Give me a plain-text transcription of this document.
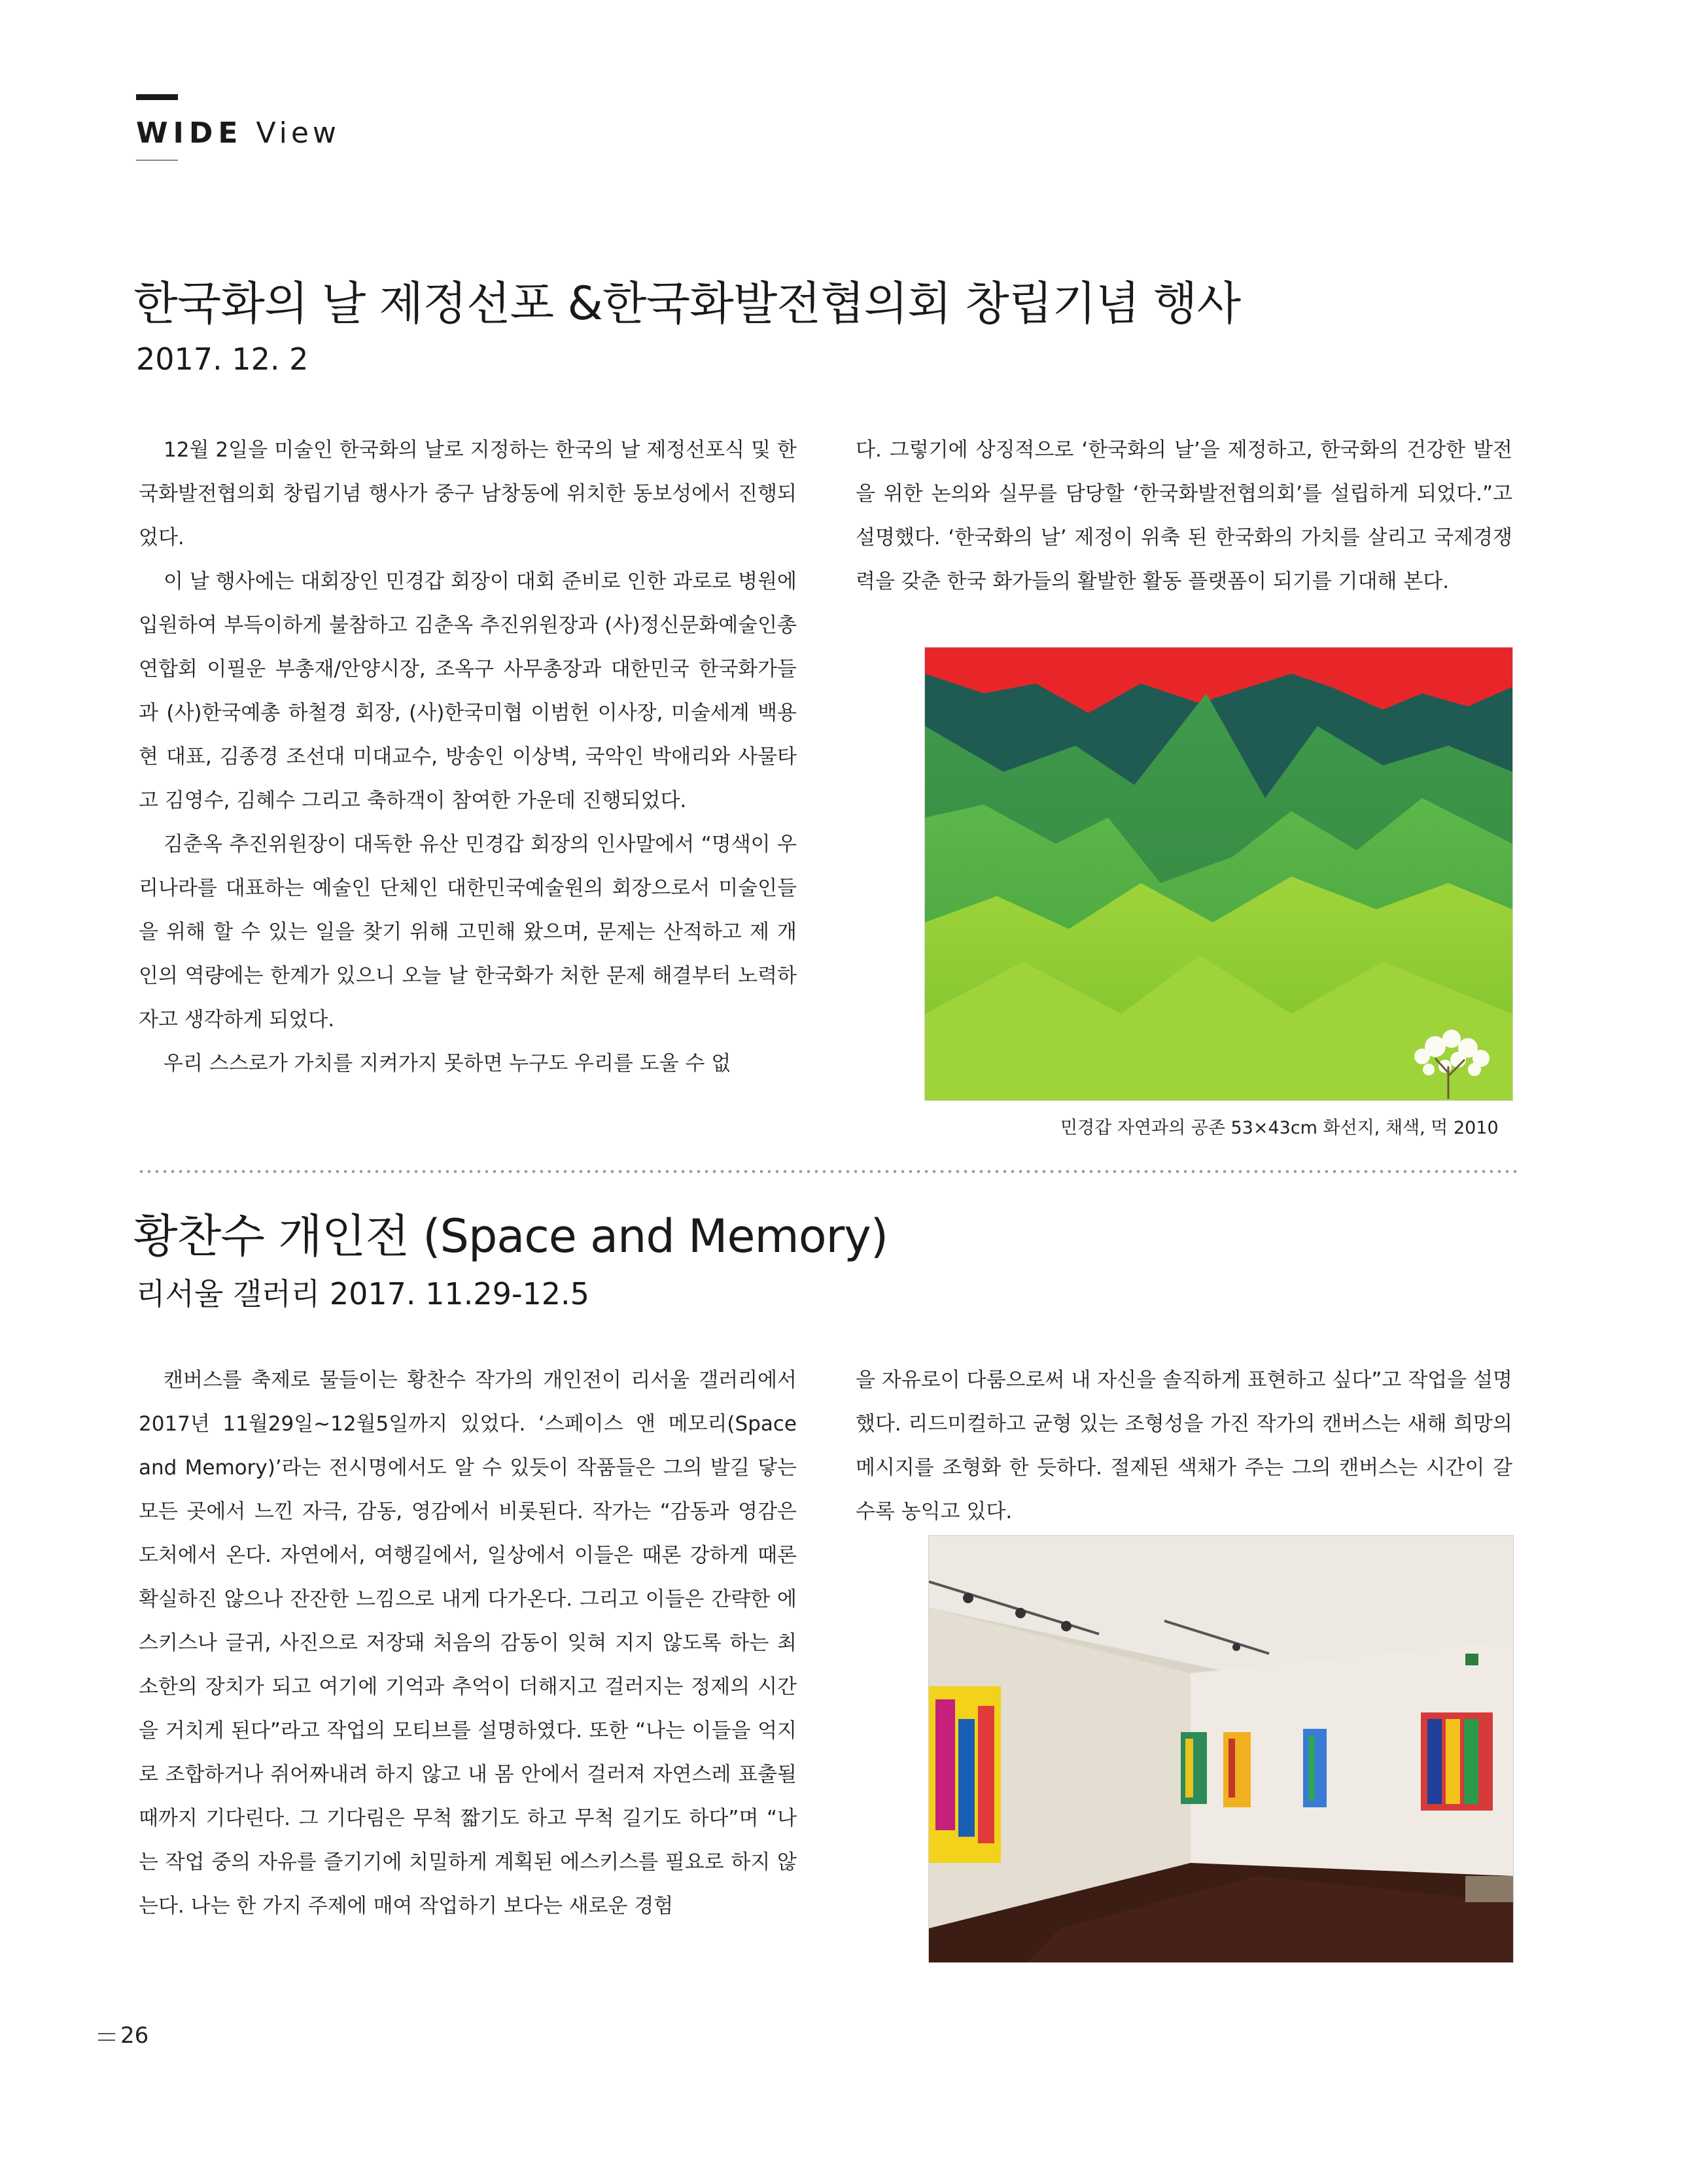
WIDE View
한국화의 날 제정선포 &한국화발전협의회 창립기념 행사
2017. 12. 2

12월 2일을 미술인 한국화의 날로 지정하는 한국의 날 제정선포식 및 한국화발전협의회 창립기념 행사가 중구 남창동에 위치한 동보성에서 진행되었다.

이 날 행사에는 대회장인 민경갑 회장이 대회 준비로 인한 과로로 병원에 입원하여 부득이하게 불참하고 김춘옥 추진위원장과 (사)정신문화예술인총연합회 이필운 부총재/안양시장, 조옥구 사무총장과 대한민국 한국화가들과 (사)한국예총 하철경 회장, (사)한국미협 이범헌 이사장, 미술세계 백용현 대표, 김종경 조선대 미대교수, 방송인 이상벽, 국악인 박애리와 사물타고 김영수, 김혜수 그리고 축하객이 참여한 가운데 진행되었다.

김춘옥 추진위원장이 대독한 유산 민경갑 회장의 인사말에서 “명색이 우리나라를 대표하는 예술인 단체인 대한민국예술원의 회장으로서 미술인들을 위해 할 수 있는 일을 찾기 위해 고민해 왔으며, 문제는 산적하고 제 개인의 역량에는 한계가 있으니 오늘 날 한국화가 처한 문제 해결부터 노력하자고 생각하게 되었다.

우리 스스로가 가치를 지켜가지 못하면 누구도 우리를 도울 수 없

다. 그렇기에 상징적으로 ‘한국화의 날’을 제정하고, 한국화의 건강한 발전을 위한 논의와 실무를 담당할 ‘한국화발전협의회’를 설립하게 되었다.”고 설명했다. ‘한국화의 날’ 제정이 위축 된 한국화의 가치를 살리고 국제경쟁력을 갖춘 한국 화가들의 활발한 활동 플랫폼이 되기를 기대해 본다.

민경갑 자연과의 공존 53×43cm 화선지, 채색, 먹 2010
황찬수 개인전 (Space and Memory)
리서울 갤러리 2017. 11.29-12.5

캔버스를 축제로 물들이는 황찬수 작가의 개인전이 리서울 갤러리에서 2017년 11월29일~12월5일까지 있었다. ‘스페이스 앤 메모리(Space and Memory)’라는 전시명에서도 알 수 있듯이 작품들은 그의 발길 닿는 모든 곳에서 느낀 자극, 감동, 영감에서 비롯된다. 작가는 “감동과 영감은 도처에서 온다. 자연에서, 여행길에서, 일상에서 이들은 때론 강하게 때론 확실하진 않으나 잔잔한 느낌으로 내게 다가온다. 그리고 이들은 간략한 에스키스나 글귀, 사진으로 저장돼 처음의 감동이 잊혀 지지 않도록 하는 최소한의 장치가 되고 여기에 기억과 추억이 더해지고 걸러지는 정제의 시간을 거치게 된다”라고 작업의 모티브를 설명하였다. 또한 “나는 이들을 억지로 조합하거나 쥐어짜내려 하지 않고 내 몸 안에서 걸러져 자연스레 표출될 때까지 기다린다. 그 기다림은 무척 짧기도 하고 무척 길기도 하다”며 “나는 작업 중의 자유를 즐기기에 치밀하게 계획된 에스키스를 필요로 하지 않는다. 나는 한 가지 주제에 매여 작업하기 보다는 새로운 경험

을 자유로이 다룸으로써 내 자신을 솔직하게 표현하고 싶다”고 작업을 설명했다. 리드미컬하고 균형 있는 조형성을 가진 작가의 캔버스는 새해 희망의 메시지를 조형화 한 듯하다. 절제된 색채가 주는 그의 캔버스는 시간이 갈수록 농익고 있다.

26
